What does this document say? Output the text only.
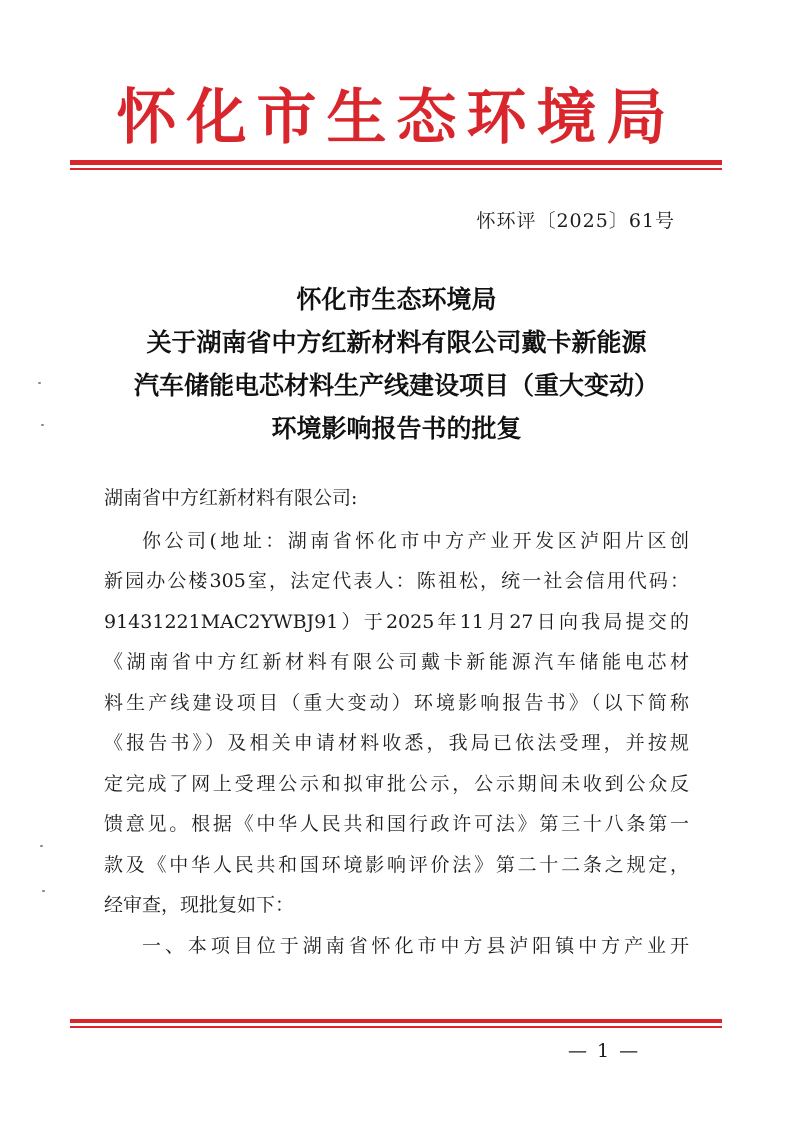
怀化市生态环境局
怀环评〔2025〕61号
怀化市生态环境局
关于湖南省中方红新材料有限公司戴卡新能源
汽车储能电芯材料生产线建设项目（重大变动）
环境影响报告书的批复

湖南省中方红新材料有限公司:

你公司(地址：湖南省怀化市中方产业开发区泸阳片区创

新园办公楼305室，法定代表人：陈祖松，统一社会信用代码：

91431221MAC2YWBJ91）于2025年11月27日向我局提交的

《湖南省中方红新材料有限公司戴卡新能源汽车储能电芯材

料生产线建设项目（重大变动）环境影响报告书》（以下简称

《报告书》）及相关申请材料收悉，我局已依法受理，并按规

定完成了网上受理公示和拟审批公示，公示期间未收到公众反

馈意见。根据《中华人民共和国行政许可法》第三十八条第一

款及《中华人民共和国环境影响评价法》第二十二条之规定，

经审查，现批复如下：

一、本项目位于湖南省怀化市中方县泸阳镇中方产业开

— 1 —
